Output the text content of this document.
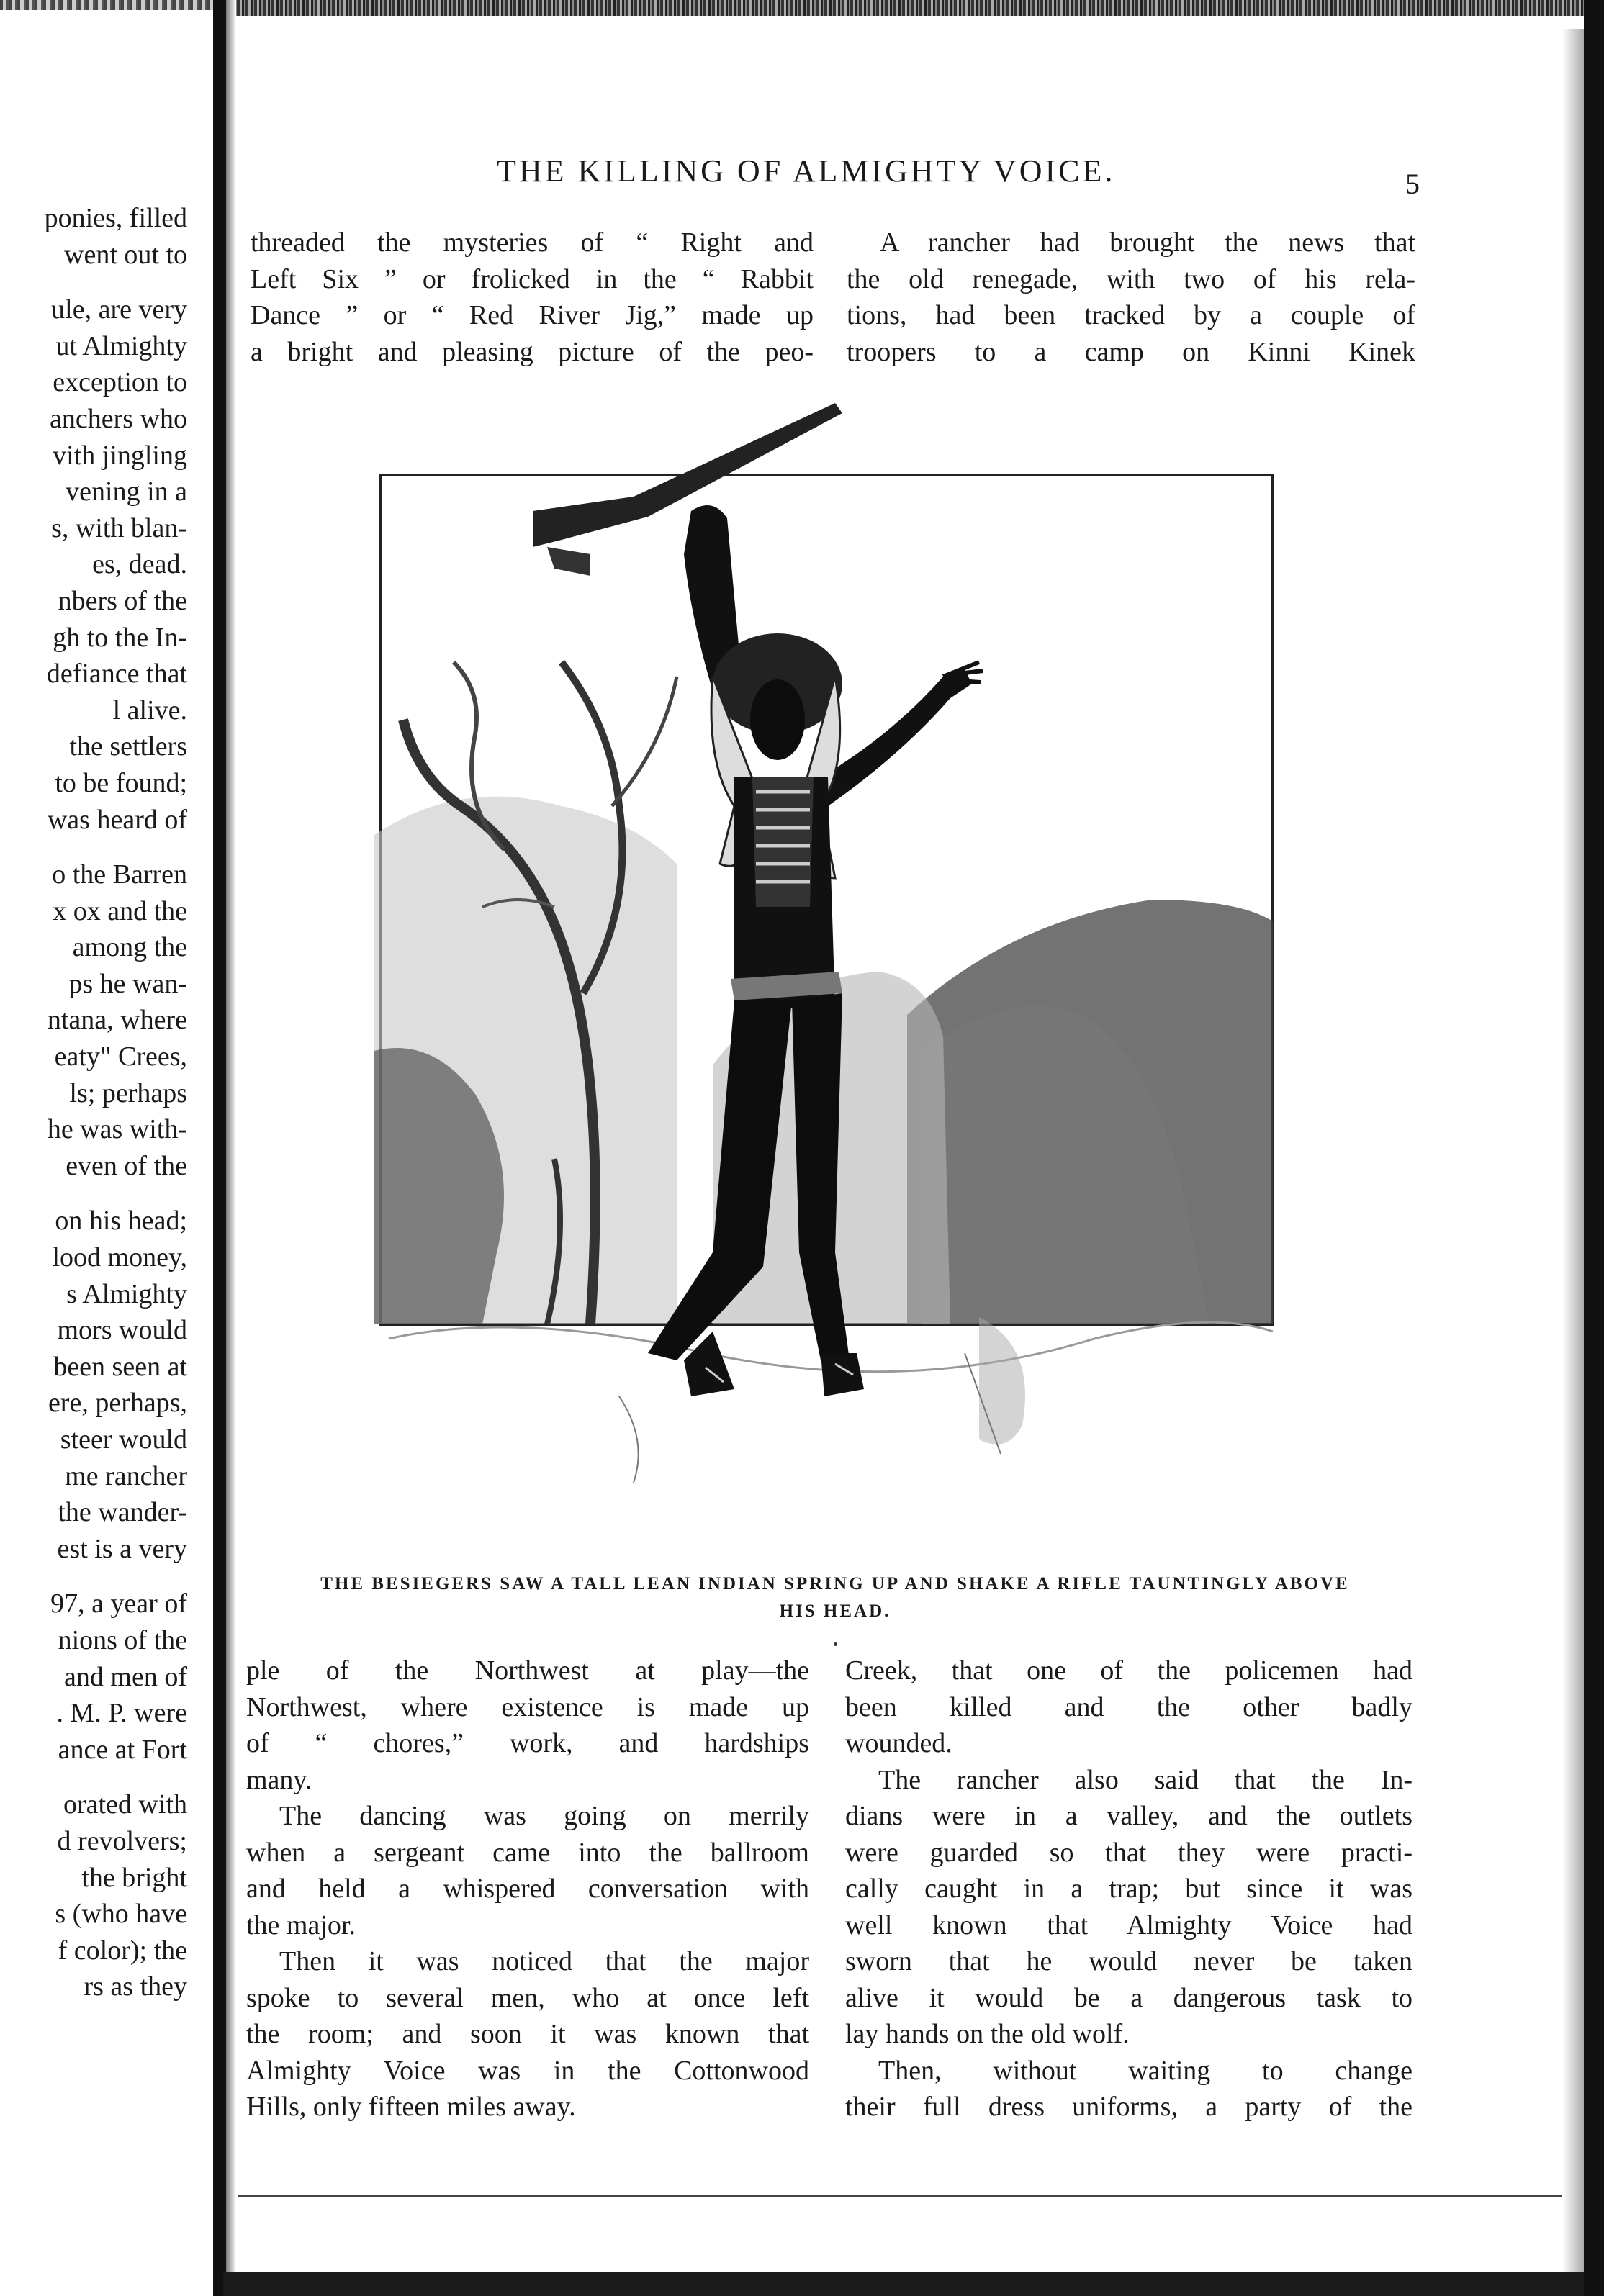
ponies, filled
went out to
ule, are very
ut Almighty
exception to
anchers who
vith jingling
vening in a
s, with blan-
es, dead.
nbers of the
gh to the In-
defiance that
l alive.
the settlers
to be found;
was heard of
o the Barren
x ox and the
among the
ps he wan-
ntana, where
eaty" Crees,
ls; perhaps
he was with-
even of the
on his head;
lood money,
s Almighty
mors would
been seen at
ere, perhaps,
steer would
me rancher
the wander-
est is a very
97, a year of
nions of the
and men of
. M. P. were
ance at Fort
orated with
d revolvers;
the bright
s (who have
f color); the
rs as they
THE KILLING OF ALMIGHTY VOICE.	5
threaded the mysteries of “ Right and
Left Six ” or frolicked in the “ Rabbit
Dance ” or “ Red River Jig,” made up
a bright and pleasing picture of the peo-
A rancher had brought the news that
the old renegade, with two of his rela-
tions, had been tracked by a couple of
troopers to a camp on Kinni Kinek
THE BESIEGERS SAW A TALL LEAN INDIAN SPRING UP AND SHAKE A RIFLE TAUNTINGLY ABOVE
HIS HEAD.
ple of the Northwest at play—the
Northwest, where existence is made up
of “ chores,” work, and hardships
many.
The dancing was going on merrily
when a sergeant came into the ballroom
and held a whispered conversation with
the major.
Then it was noticed that the major
spoke to several men, who at once left
the room; and soon it was known that
Almighty Voice was in the Cottonwood
Hills, only fifteen miles away.
Creek, that one of the policemen had
been killed and the other badly
wounded.
The rancher also said that the In-
dians were in a valley, and the outlets
were guarded so that they were practi-
cally caught in a trap; but since it was
well known that Almighty Voice had
sworn that he would never be taken
alive it would be a dangerous task to
lay hands on the old wolf.
Then, without waiting to change
their full dress uniforms, a party of the
